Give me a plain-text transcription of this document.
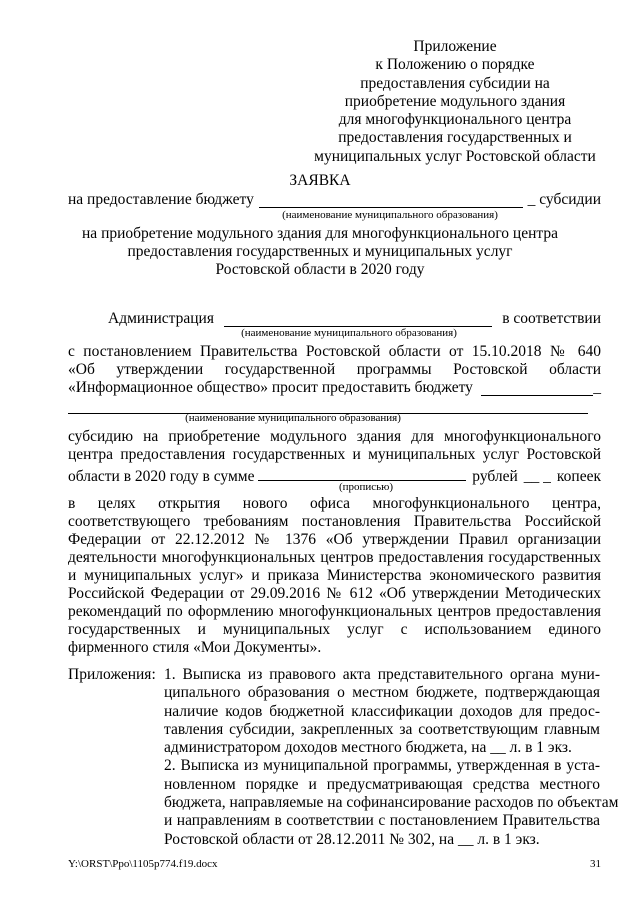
Приложение
к Положению о порядке
предоставления субсидии на
приобретение модульного здания
для многофункционального центра
предоставления государственных и
муниципальных услуг Ростовской области
ЗАЯВКА
на предоставление бюджету	_ субсидии
(наименование муниципального образования)
на приобретение модульного здания для многофункционального центра
предоставления государственных и муниципальных услуг
Ростовской области в 2020 году
Администрация	в соответствии
(наименование муниципального образования)
с постановлением Правительства Ростовской области от 15.10.2018 № 640
«Об утверждении государственной программы Ростовской области
«Информационное общество» просит предоставить бюджету	_
(наименование муниципального образования)
субсидию на приобретение модульного здания для многофункционального
центра предоставления государственных и муниципальных услуг Ростовской
области в 2020 году в сумме	рублей __ _ копеек
(прописью)
в целях открытия нового офиса многофункционального центра,
соответствующего требованиям постановления Правительства Российской
Федерации от 22.12.2012 № 1376 «Об утверждении Правил организации
деятельности многофункциональных центров предоставления государственных
и муниципальных услуг» и приказа Министерства экономического развития
Российской Федерации от 29.09.2016 № 612 «Об утверждении Методических
рекомендаций по оформлению многофункциональных центров предоставления
государственных и муниципальных услуг с использованием единого
фирменного стиля «Мои Документы».
Приложения: 1. Выписка из правового акта представительного органа муни-
ципального образования о местном бюджете, подтверждающая
наличие кодов бюджетной классификации доходов для предос-
тавления субсидии, закрепленных за соответствующим главным
администратором доходов местного бюджета, на __ л. в 1 экз.
2. Выписка из муниципальной программы, утвержденная в уста-
новленном порядке и предусматривающая средства местного
бюджета, направляемые на софинансирование расходов по объектам
и направлениям в соответствии с постановлением Правительства
Ростовской области от 28.12.2011 № 302, на __ л. в 1 экз.
Y:\ORST\Ppo\1105p774.f19.docx	31
